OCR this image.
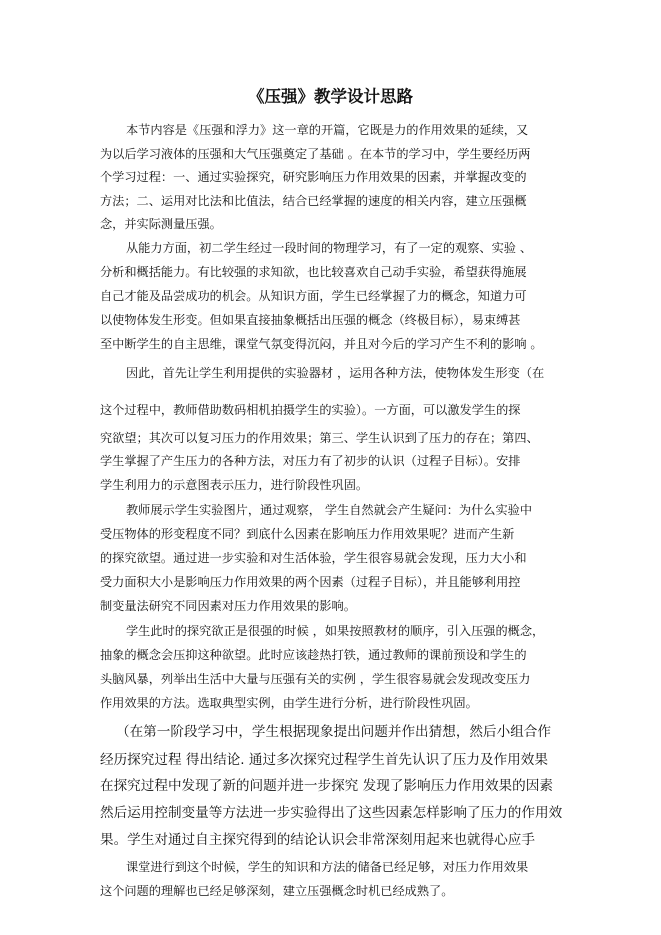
《压强》教学设计思路
本节内容是《压强和浮力》这一章的开篇，它既是力的作用效果的延续，又
为以后学习液体的压强和大气压强奠定了基础 。在本节的学习中，学生要经历两
个学习过程：一、通过实验探究，研究影响压力作用效果的因素，并掌握改变的
方法；二、运用对比法和比值法，结合已经掌握的速度的相关内容，建立压强概
念，并实际测量压强。
从能力方面，初二学生经过一段时间的物理学习，有了一定的观察、实验 、
分析和概括能力。有比较强的求知欲，也比较喜欢自己动手实验，希望获得施展
自己才能及品尝成功的机会。从知识方面，学生已经掌握了力的概念，知道力可
以使物体发生形变。但如果直接抽象概括出压强的概念（终极目标），易束缚甚
至中断学生的自主思维，课堂气氛变得沉闷，并且对今后的学习产生不利的影响 。
因此，首先让学生利用提供的实验器材 ，运用各种方法，使物体发生形变（在
这个过程中，教师借助数码相机拍摄学生的实验）。一方面，可以激发学生的探
究欲望；其次可以复习压力的作用效果；第三、学生认识到了压力的存在；第四、
学生掌握了产生压力的各种方法，对压力有了初步的认识（过程子目标）。安排
学生利用力的示意图表示压力，进行阶段性巩固。
教师展示学生实验图片，通过观察， 学生自然就会产生疑问：为什么实验中
受压物体的形变程度不同？到底什么因素在影响压力作用效果呢？进而产生新
的探究欲望。通过进一步实验和对生活体验，学生很容易就会发现，压力大小和
受力面积大小是影响压力作用效果的两个因素（过程子目标），并且能够利用控
制变量法研究不同因素对压力作用效果的影响。
学生此时的探究欲正是很强的时候 ，如果按照教材的顺序，引入压强的概念，
抽象的概念会压抑这种欲望。此时应该趁热打铁，通过教师的课前预设和学生的
头脑风暴，列举出生活中大量与压强有关的实例 ，学生很容易就会发现改变压力
作用效果的方法。选取典型实例，由学生进行分析，进行阶段性巩固。
（在第一阶段学习中，学生根据现象提出问题并作出猜想，然后小组合作
经历探究过程 得出结论. 通过多次探究过程学生首先认识了压力及作用效果
在探究过程中发现了新的问题并进一步探究 发现了影响压力作用效果的因素
然后运用控制变量等方法进一步实验得出了这些因素怎样影响了压力的作用效
果。学生对通过自主探究得到的结论认识会非常深刻用起来也就得心应手
课堂进行到这个时候，学生的知识和方法的储备已经足够，对压力作用效果
这个问题的理解也已经足够深刻，建立压强概念时机已经成熟了。
